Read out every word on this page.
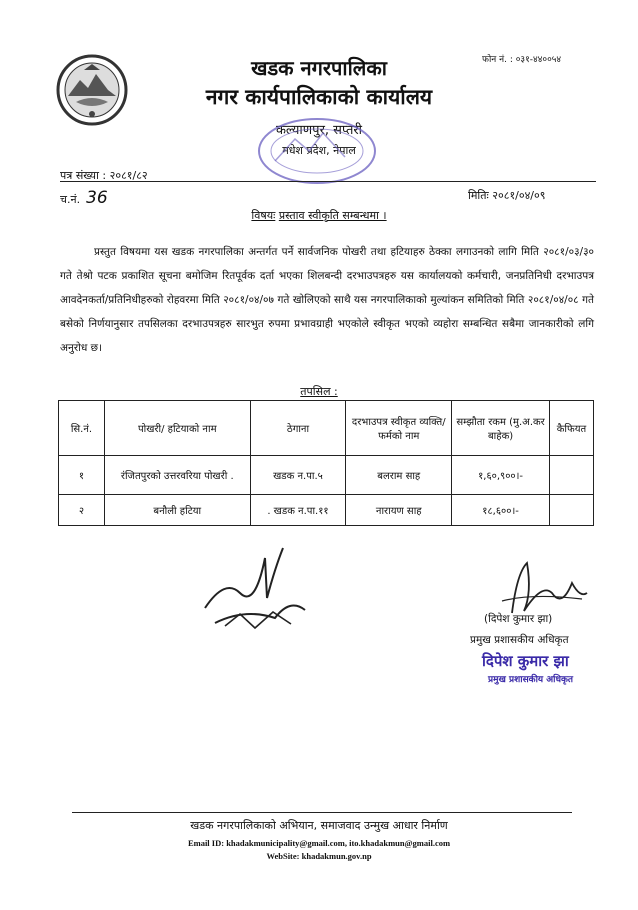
फोन नं. : ०३१-४४००५४
खडक नगरपालिका
नगर कार्यपालिकाको कार्यालय
कल्याणपुर, सप्तरी
मधेश प्रदेश, नेपाल
पत्र संख्या : २०८१/८२
च.नं. 36	मितिः २०८१/०४/०९
विषयः प्रस्ताव स्वीकृति सम्बन्धमा ।

प्रस्तुत विषयमा यस खडक नगरपालिका अन्तर्गत पर्ने सार्वजनिक पोखरी तथा हटियाहरु ठेक्का लगाउनको लागि मिति २०८१/०३/३० गते तेश्रो पटक प्रकाशित सूचना बमोजिम रितपूर्वक दर्ता भएका शिलबन्दी दरभाउपत्रहरु यस कार्यालयको कर्मचारी, जनप्रतिनिधी दरभाउपत्र आवदेनकर्ता/प्रतिनिधीहरुको रोहवरमा मिति २०८१/०४/०७ गते खोलिएको साथै यस नगरपालिकाको मुल्यांकन समितिको मिति २०८१/०४/०८ गते बसेको निर्णयानुसार तपसिलका दरभाउपत्रहरु सारभुत रुपमा प्रभावग्राही भएकोले स्वीकृत भएको व्यहोरा सम्बन्धित सबैमा जानकारीको लगि अनुरोध छ।

तपसिल :
सि.नं.	पोखरी/ हटियाको नाम	ठेगाना	दरभाउपत्र स्वीकृत व्यक्ति/फर्मको नाम	सम्झौता रकम (मु.अ.कर बाहेक)	कैफियत
१	रंजितपुरको उत्तरवरिया पोखरी .	खडक न.पा.५	बलराम साह	१,६०,९००।-	
२	बनौली हटिया	. खडक न.पा.११	नारायण साह	१८,६००।-	
(दिपेश कुमार झा)
प्रमुख प्रशासकीय अधिकृत
दिपेश कुमार झा
प्रमुख प्रशासकीय अधिकृत
खडक नगरपालिकाको अभियान, समाजवाद उन्मुख आधार निर्माण
Email ID: khadakmunicipality@gmail.com, ito.khadakmun@gmail.com
WebSite: khadakmun.gov.np
